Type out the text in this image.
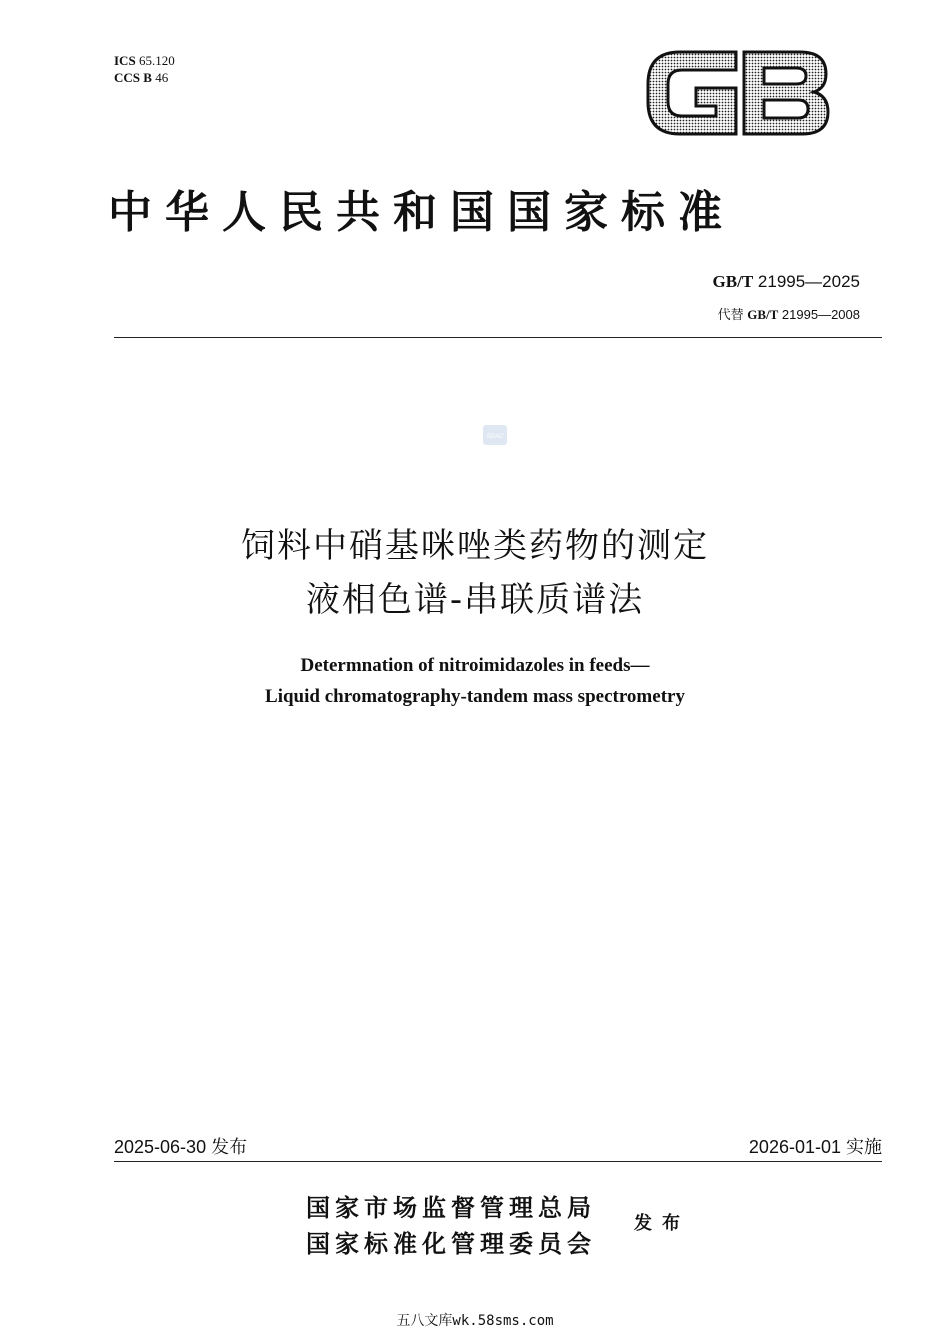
ICS 65.120
CCS B 46
GB
中华人民共和国国家标准
GB/T 21995—2025
代替 GB/T 21995—2008
SDAC
饲料中硝基咪唑类药物的测定
液相色谱-串联质谱法
Determnation of nitroimidazoles in feeds—
Liquid chromatography-tandem mass spectrometry
2025-06-30 发布	2026-01-01 实施
国家市场监督管理总局
国家标准化管理委员会
发布
五八文库wk.58sms.com
